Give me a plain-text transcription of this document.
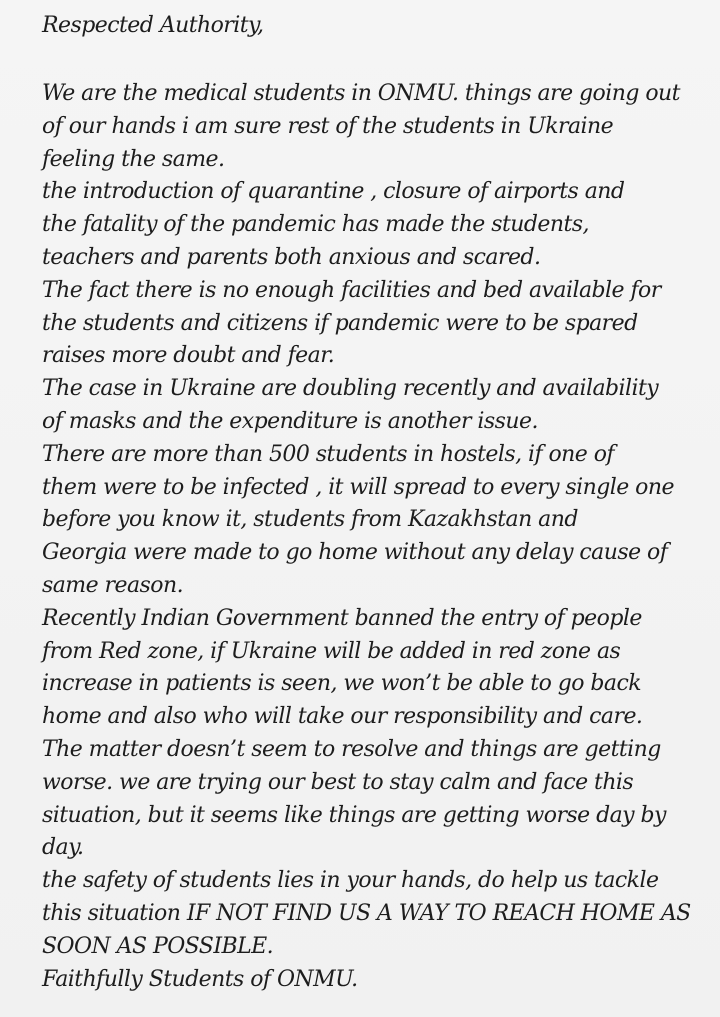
Respected Authority,

We are the medical students in ONMU. things are going out
of our hands i am sure rest of the students in Ukraine
feeling the same.
the introduction of quarantine , closure of airports and
the fatality of the pandemic has made the students,
teachers and parents both anxious and scared.
The fact there is no enough facilities and bed available for
the students and citizens if pandemic were to be spared
raises more doubt and fear.
The case in Ukraine are doubling recently and availability
of masks and the expenditure is another issue.
There are more than 500 students in hostels, if one of
them were to be infected , it will spread to every single one
before you know it, students from Kazakhstan and
Georgia were made to go home without any delay cause of
same reason.
Recently Indian Government banned the entry of people
from Red zone, if Ukraine will be added in red zone as
increase in patients is seen, we won’t be able to go back
home and also who will take our responsibility and care.
The matter doesn’t seem to resolve and things are getting
worse. we are trying our best to stay calm and face this
situation, but it seems like things are getting worse day by
day.
the safety of students lies in your hands, do help us tackle
this situation IF NOT FIND US A WAY TO REACH HOME AS
SOON AS POSSIBLE.
Faithfully Students of ONMU.
